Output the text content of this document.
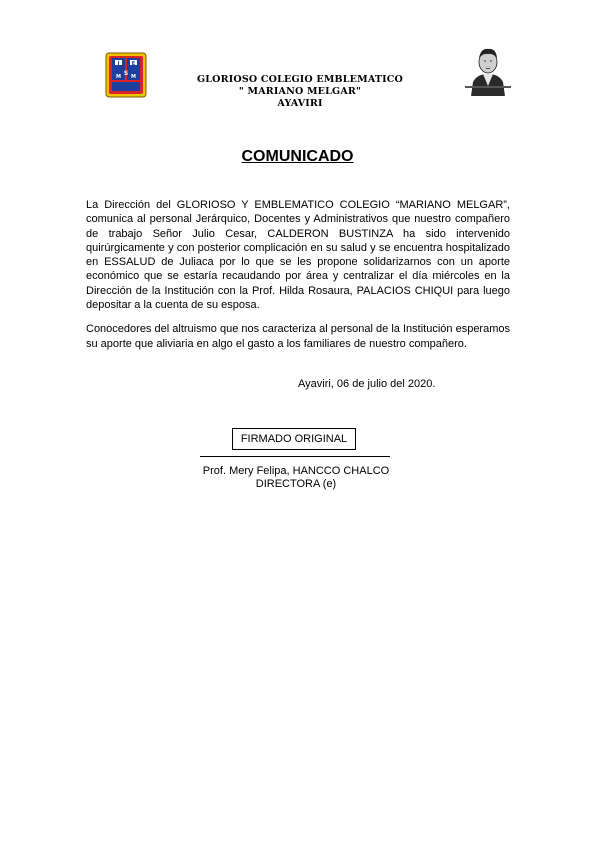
I E
S
M M	GLORIOSO COLEGIO EMBLEMATICO
" MARIANO MELGAR"
AYAVIRI
COMUNICADO

La Dirección del GLORIOSO Y EMBLEMATICO COLEGIO “MARIANO MELGAR”, comunica al personal Jerárquico, Docentes y Administrativos que nuestro compañero de trabajo Señor Julio Cesar, CALDERON BUSTINZA ha sido intervenido quirúrgicamente y con posterior complicación en su salud y se encuentra hospitalizado en ESSALUD de Juliaca por lo que se les propone solidarizarnos con un aporte económico que se estaría recaudando por área y centralizar el día miércoles en la Dirección de la Institución con la Prof. Hilda Rosaura, PALACIOS CHIQUI para luego depositar a la cuenta de su esposa.

Conocedores del altruismo que nos caracteriza al personal de la Institución esperamos su aporte que aliviaria en algo el gasto a los familiares de nuestro compañero.

Ayaviri, 06 de julio del 2020.
FIRMADO ORIGINAL
Prof. Mery Felipa, HANCCO CHALCO
DIRECTORA (e)
